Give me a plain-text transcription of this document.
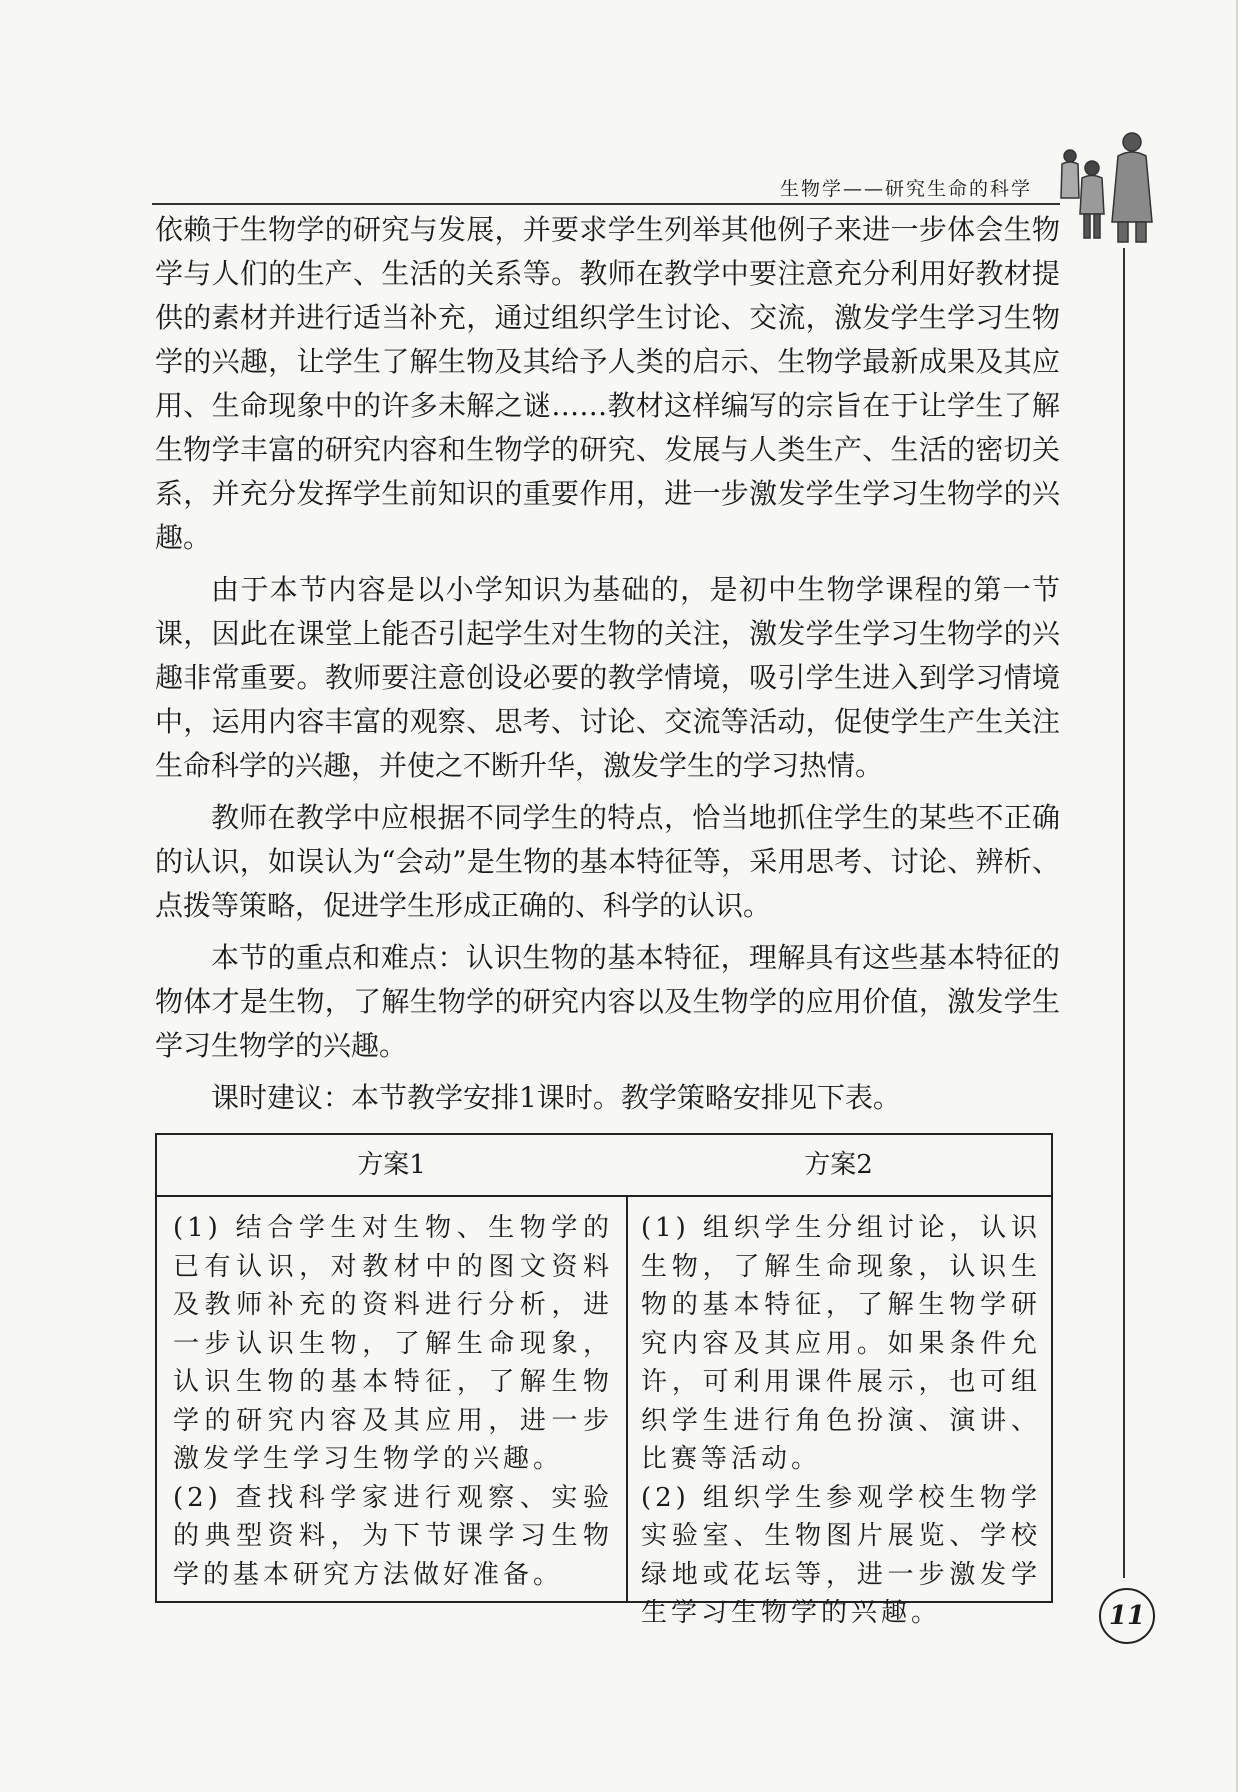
生物学——研究生命的科学

依赖于生物学的研究与发展，并要求学生列举其他例子来进一步体会生物学与人们的生产、生活的关系等。教师在教学中要注意充分利用好教材提供的素材并进行适当补充，通过组织学生讨论、交流，激发学生学习生物学的兴趣，让学生了解生物及其给予人类的启示、生物学最新成果及其应用、生命现象中的许多未解之谜……教材这样编写的宗旨在于让学生了解生物学丰富的研究内容和生物学的研究、发展与人类生产、生活的密切关系，并充分发挥学生前知识的重要作用，进一步激发学生学习生物学的兴趣。

由于本节内容是以小学知识为基础的，是初中生物学课程的第一节课，因此在课堂上能否引起学生对生物的关注，激发学生学习生物学的兴趣非常重要。教师要注意创设必要的教学情境，吸引学生进入到学习情境中，运用内容丰富的观察、思考、讨论、交流等活动，促使学生产生关注生命科学的兴趣，并使之不断升华，激发学生的学习热情。

教师在教学中应根据不同学生的特点，恰当地抓住学生的某些不正确的认识，如误认为“会动”是生物的基本特征等，采用思考、讨论、辨析、点拨等策略，促进学生形成正确的、科学的认识。

本节的重点和难点：认识生物的基本特征，理解具有这些基本特征的物体才是生物，了解生物学的研究内容以及生物学的应用价值，激发学生学习生物学的兴趣。

课时建议：本节教学安排1课时。教学策略安排见下表。

方案1	方案2

(1) 结合学生对生物、生物学的已有认识，对教材中的图文资料及教师补充的资料进行分析，进一步认识生物，了解生命现象，认识生物的基本特征，了解生物学的研究内容及其应用，进一步激发学生学习生物学的兴趣。

(2) 查找科学家进行观察、实验的典型资料，为下节课学习生物学的基本研究方法做好准备。

(1) 组织学生分组讨论，认识生物，了解生命现象，认识生物的基本特征，了解生物学研究内容及其应用。如果条件允许，可利用课件展示，也可组织学生进行角色扮演、演讲、比赛等活动。

(2) 组织学生参观学校生物学实验室、生物图片展览、学校绿地或花坛等，进一步激发学生学习生物学的兴趣。	11
